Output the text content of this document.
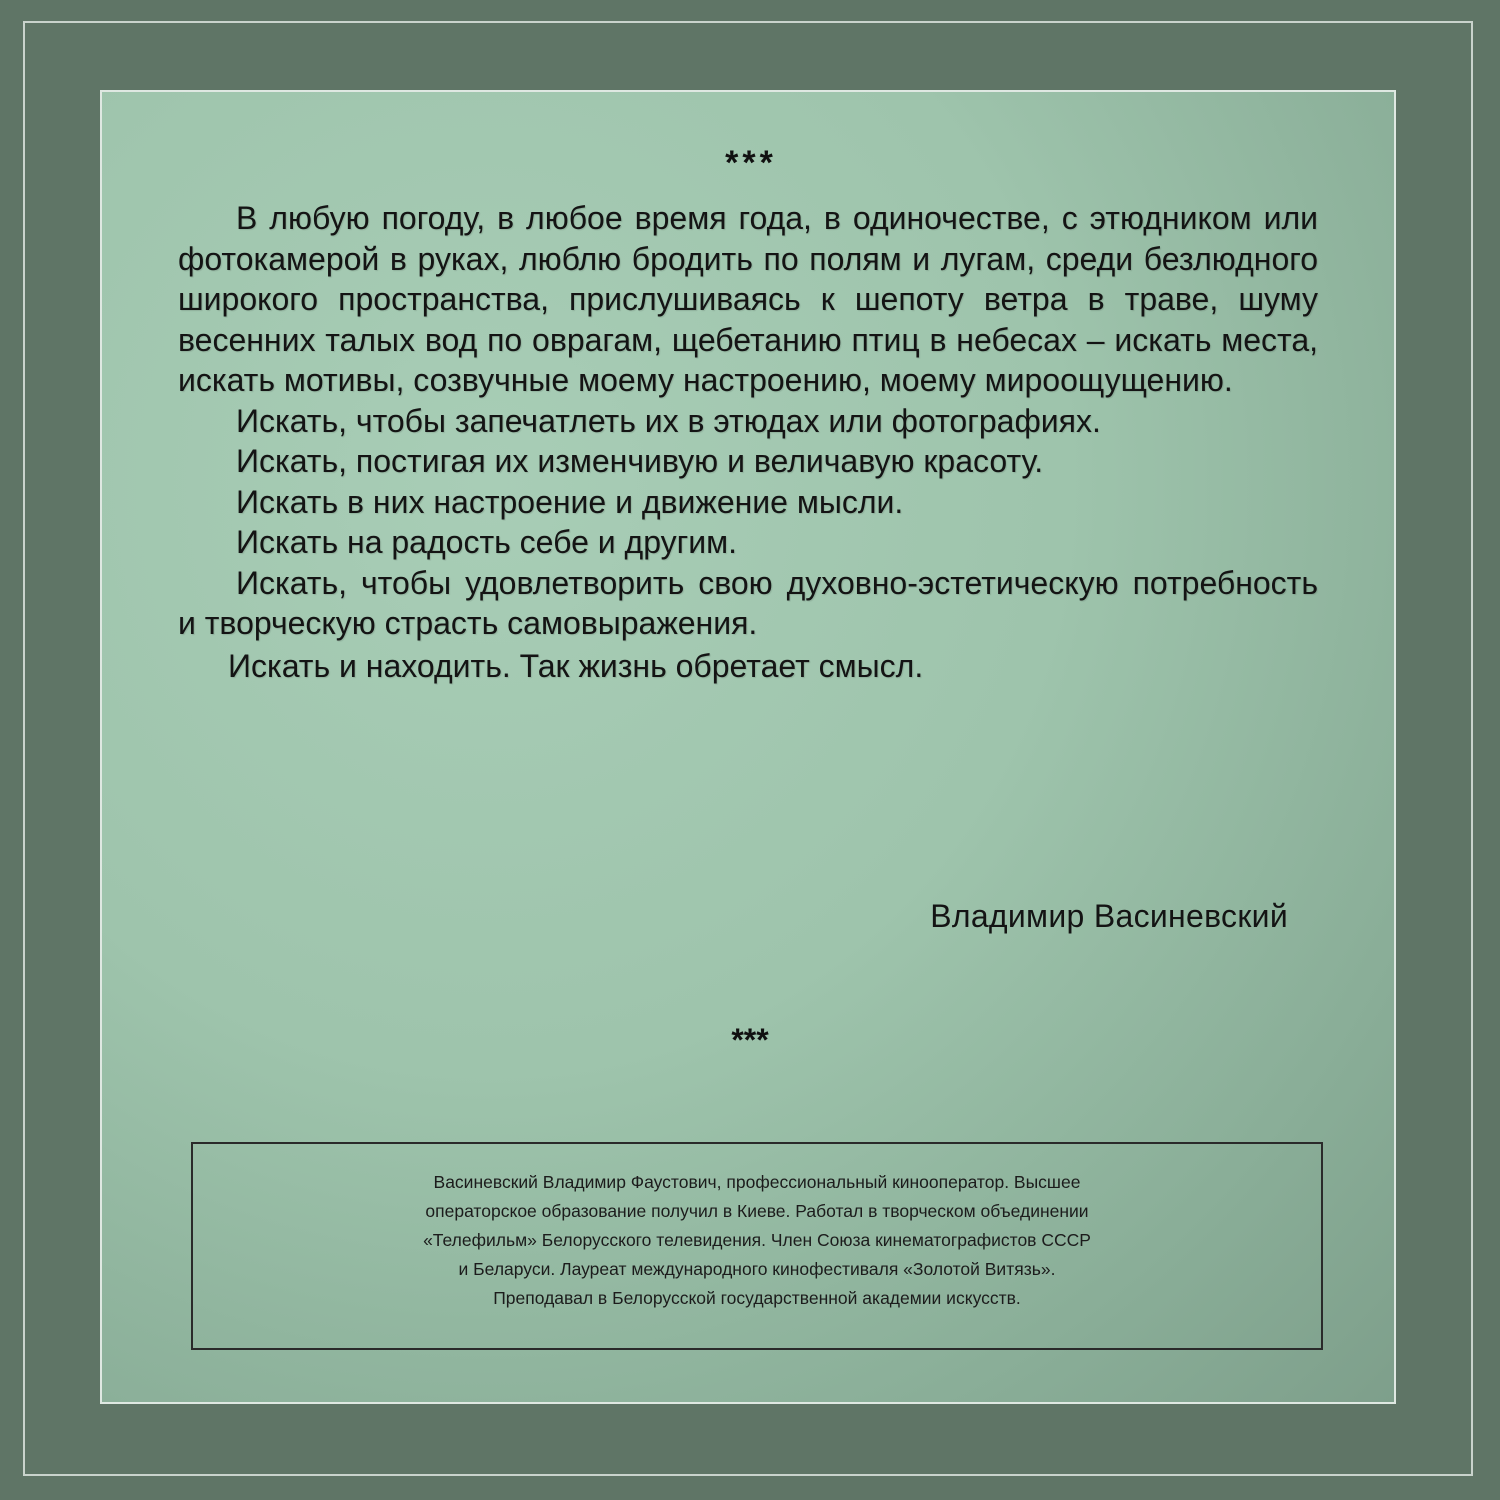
***

В любую погоду, в любое время года, в одиночестве, с этюдником или фотокамерой в руках, люблю бродить по полям и лугам, среди безлюдного широкого пространства, прислушиваясь к шепоту ветра в траве, шуму весенних талых вод по оврагам, щебетанию птиц в небесах – искать места, искать мотивы, созвучные моему настроению, моему мироощущению.

Искать, чтобы запечатлеть их в этюдах или фотографиях.

Искать, постигая их изменчивую и величавую красоту.

Искать в них настроение и движение мысли.

Искать на радость себе и другим.

Искать, чтобы удовлетворить свою духовно-эстетическую потребность и творческую страсть самовыражения.

Искать и находить. Так жизнь обретает смысл.

Владимир Васиневский
***
Васиневский Владимир Фаустович, профессиональный кинооператор. Высшее
операторское образование получил в Киеве. Работал в творческом объединении
«Телефильм» Белорусского телевидения. Член Союза кинематографистов СССР
и Беларуси. Лауреат международного кинофестиваля «Золотой Витязь».
Преподавал в Белорусской государственной академии искусств.
